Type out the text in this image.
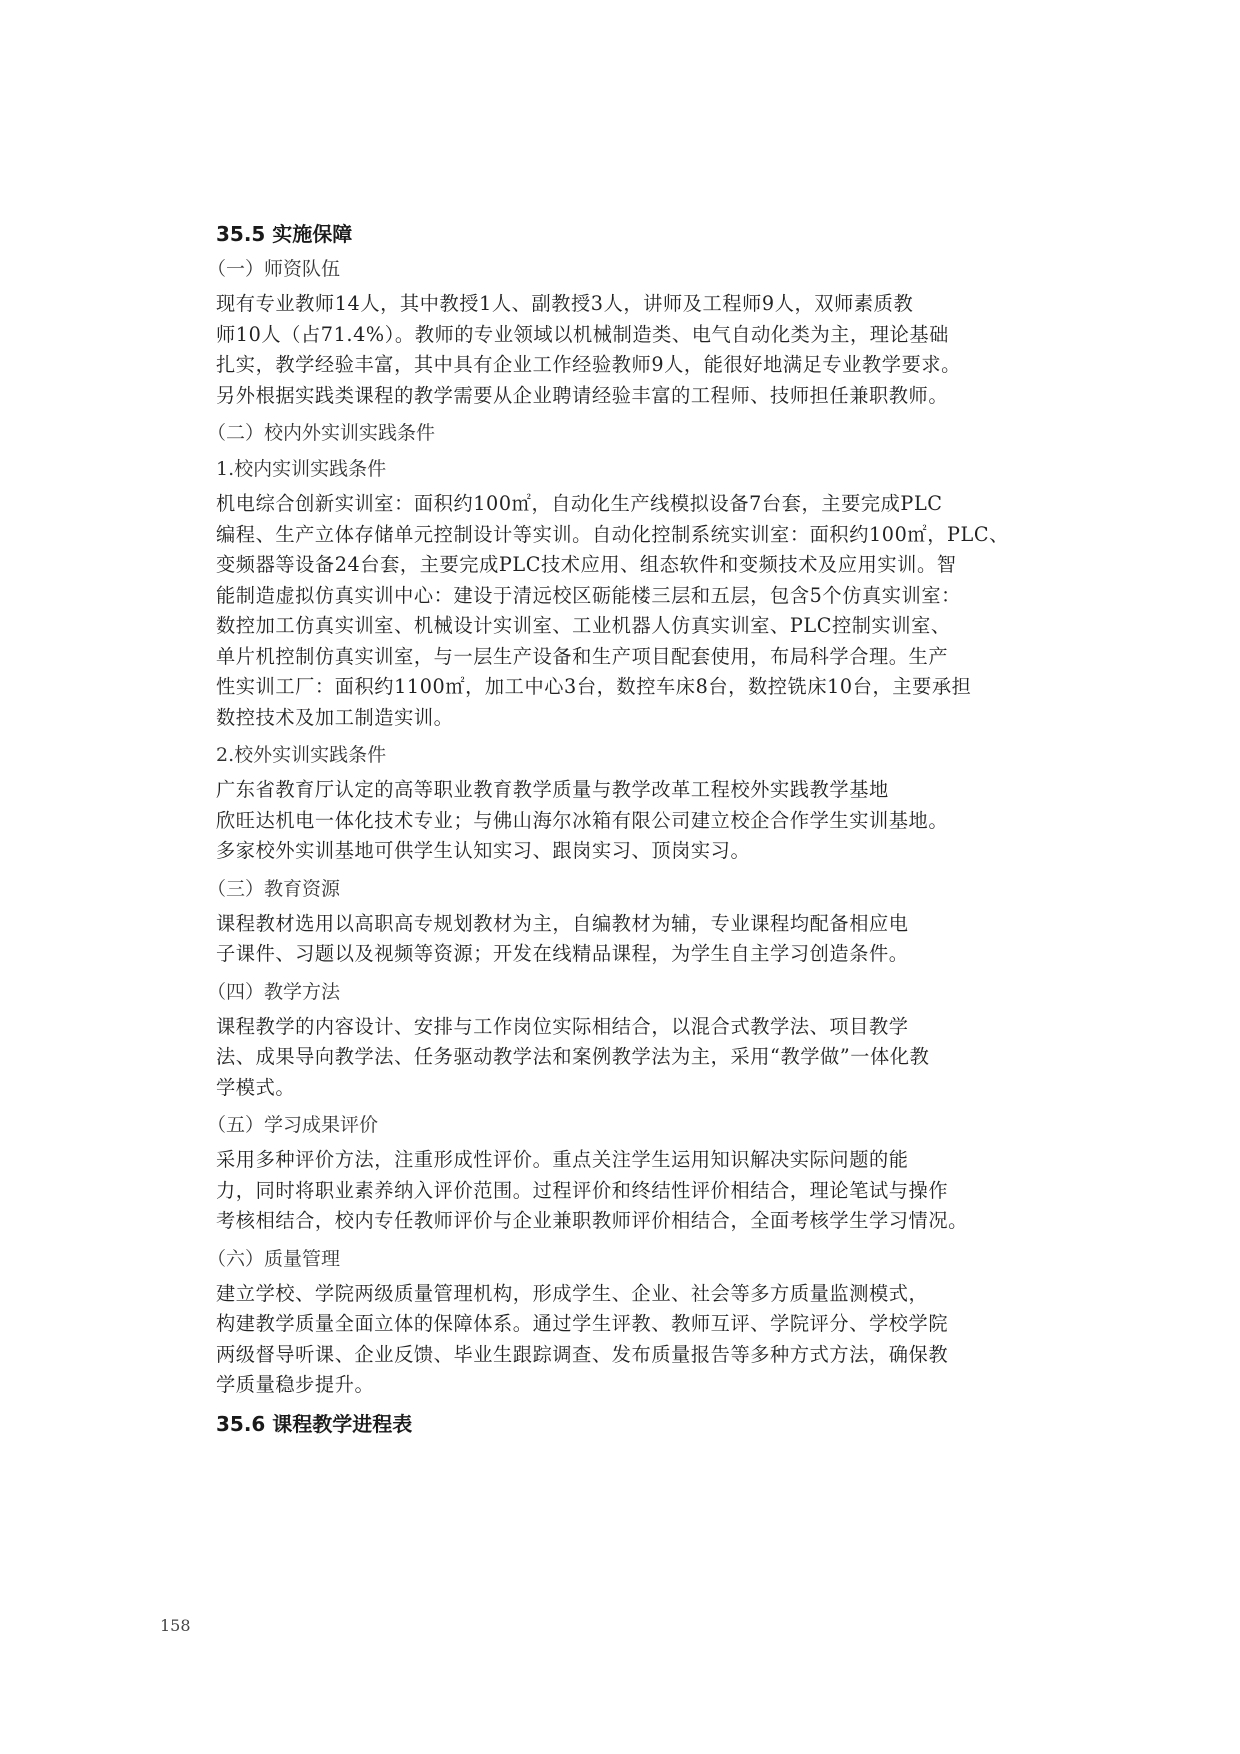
35.5 实施保障
（一）师资队伍
现有专业教师14人，其中教授1人、副教授3人，讲师及工程师9人，双师素质教
师10人（占71.4%）。教师的专业领域以机械制造类、电气自动化类为主，理论基础
扎实，教学经验丰富，其中具有企业工作经验教师9人，能很好地满足专业教学要求。
另外根据实践类课程的教学需要从企业聘请经验丰富的工程师、技师担任兼职教师。
（二）校内外实训实践条件
1.校内实训实践条件
机电综合创新实训室：面积约100㎡，自动化生产线模拟设备7台套，主要完成PLC
编程、生产立体存储单元控制设计等实训。自动化控制系统实训室：面积约100㎡，PLC、
变频器等设备24台套，主要完成PLC技术应用、组态软件和变频技术及应用实训。智
能制造虚拟仿真实训中心：建设于清远校区砺能楼三层和五层，包含5个仿真实训室：
数控加工仿真实训室、机械设计实训室、工业机器人仿真实训室、PLC控制实训室、
单片机控制仿真实训室，与一层生产设备和生产项目配套使用，布局科学合理。生产
性实训工厂：面积约1100㎡，加工中心3台，数控车床8台，数控铣床10台，主要承担
数控技术及加工制造实训。
2.校外实训实践条件
广东省教育厅认定的高等职业教育教学质量与教学改革工程校外实践教学基地
欣旺达机电一体化技术专业；与佛山海尔冰箱有限公司建立校企合作学生实训基地。
多家校外实训基地可供学生认知实习、跟岗实习、顶岗实习。
（三）教育资源
课程教材选用以高职高专规划教材为主，自编教材为辅，专业课程均配备相应电
子课件、习题以及视频等资源；开发在线精品课程，为学生自主学习创造条件。
（四）教学方法
课程教学的内容设计、安排与工作岗位实际相结合，以混合式教学法、项目教学
法、成果导向教学法、任务驱动教学法和案例教学法为主，采用“教学做”一体化教
学模式。
（五）学习成果评价
采用多种评价方法，注重形成性评价。重点关注学生运用知识解决实际问题的能
力，同时将职业素养纳入评价范围。过程评价和终结性评价相结合，理论笔试与操作
考核相结合，校内专任教师评价与企业兼职教师评价相结合，全面考核学生学习情况。
（六）质量管理
建立学校、学院两级质量管理机构，形成学生、企业、社会等多方质量监测模式，
构建教学质量全面立体的保障体系。通过学生评教、教师互评、学院评分、学校学院
两级督导听课、企业反馈、毕业生跟踪调查、发布质量报告等多种方式方法，确保教
学质量稳步提升。
35.6 课程教学进程表
158
